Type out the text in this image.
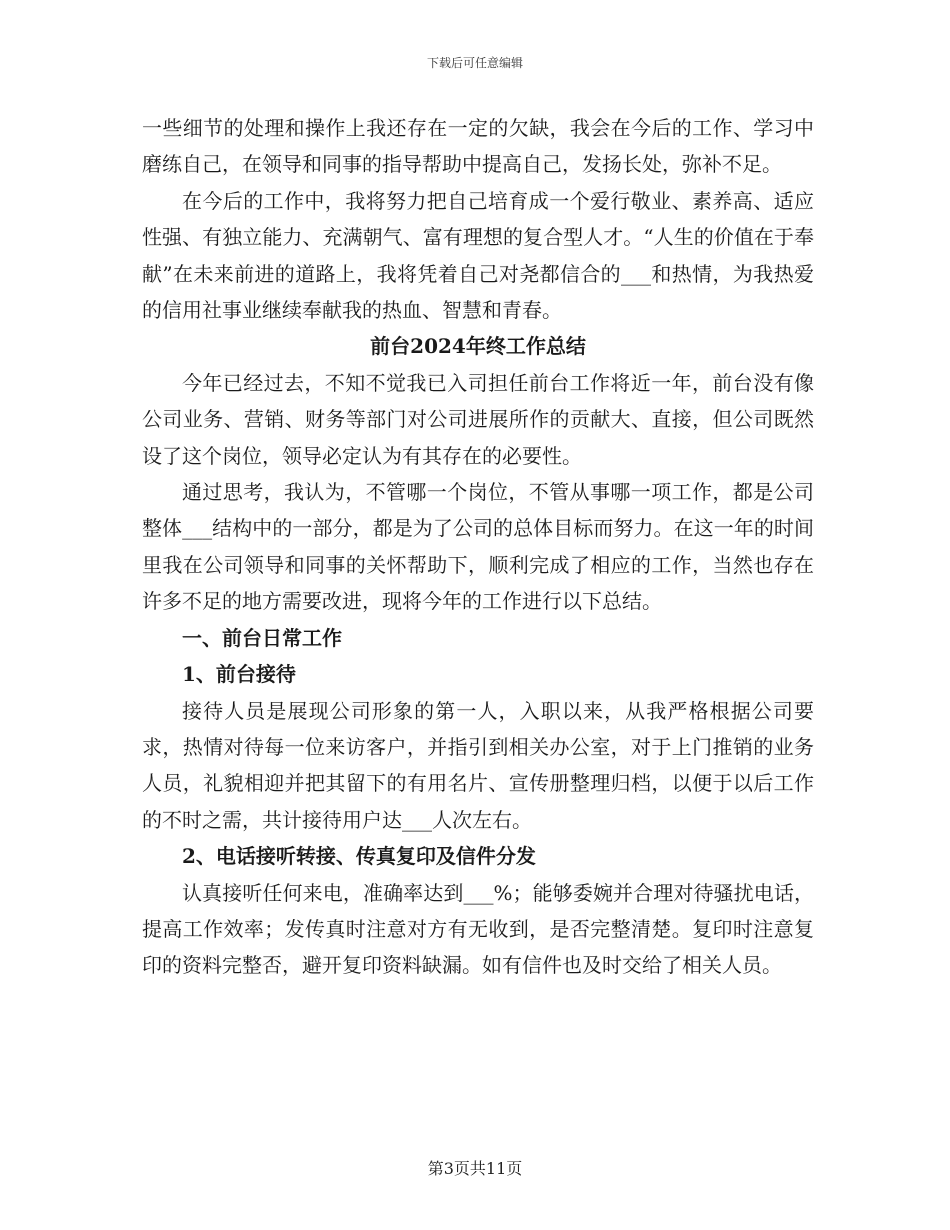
下载后可任意编辑

一些细节的处理和操作上我还存在一定的欠缺，我会在今后的工作、学习中磨练自己，在领导和同事的指导帮助中提高自己，发扬长处，弥补不足。

在今后的工作中，我将努力把自己培育成一个爱行敬业、素养高、适应性强、有独立能力、充满朝气、富有理想的复合型人才。“人生的价值在于奉献”在未来前进的道路上，我将凭着自己对尧都信合的___和热情，为我热爱的信用社事业继续奉献我的热血、智慧和青春。

前台2024年终工作总结

今年已经过去，不知不觉我已入司担任前台工作将近一年，前台没有像公司业务、营销、财务等部门对公司进展所作的贡献大、直接，但公司既然设了这个岗位，领导必定认为有其存在的必要性。

通过思考，我认为，不管哪一个岗位，不管从事哪一项工作，都是公司整体___结构中的一部分，都是为了公司的总体目标而努力。在这一年的时间里我在公司领导和同事的关怀帮助下，顺利完成了相应的工作，当然也存在许多不足的地方需要改进，现将今年的工作进行以下总结。

一、前台日常工作

1、前台接待

接待人员是展现公司形象的第一人，入职以来，从我严格根据公司要求，热情对待每一位来访客户，并指引到相关办公室，对于上门推销的业务人员，礼貌相迎并把其留下的有用名片、宣传册整理归档，以便于以后工作的不时之需，共计接待用户达___人次左右。

2、电话接听转接、传真复印及信件分发

认真接听任何来电，准确率达到___%；能够委婉并合理对待骚扰电话，提高工作效率；发传真时注意对方有无收到，是否完整清楚。复印时注意复印的资料完整否，避开复印资料缺漏。如有信件也及时交给了相关人员。

第3页共11页
